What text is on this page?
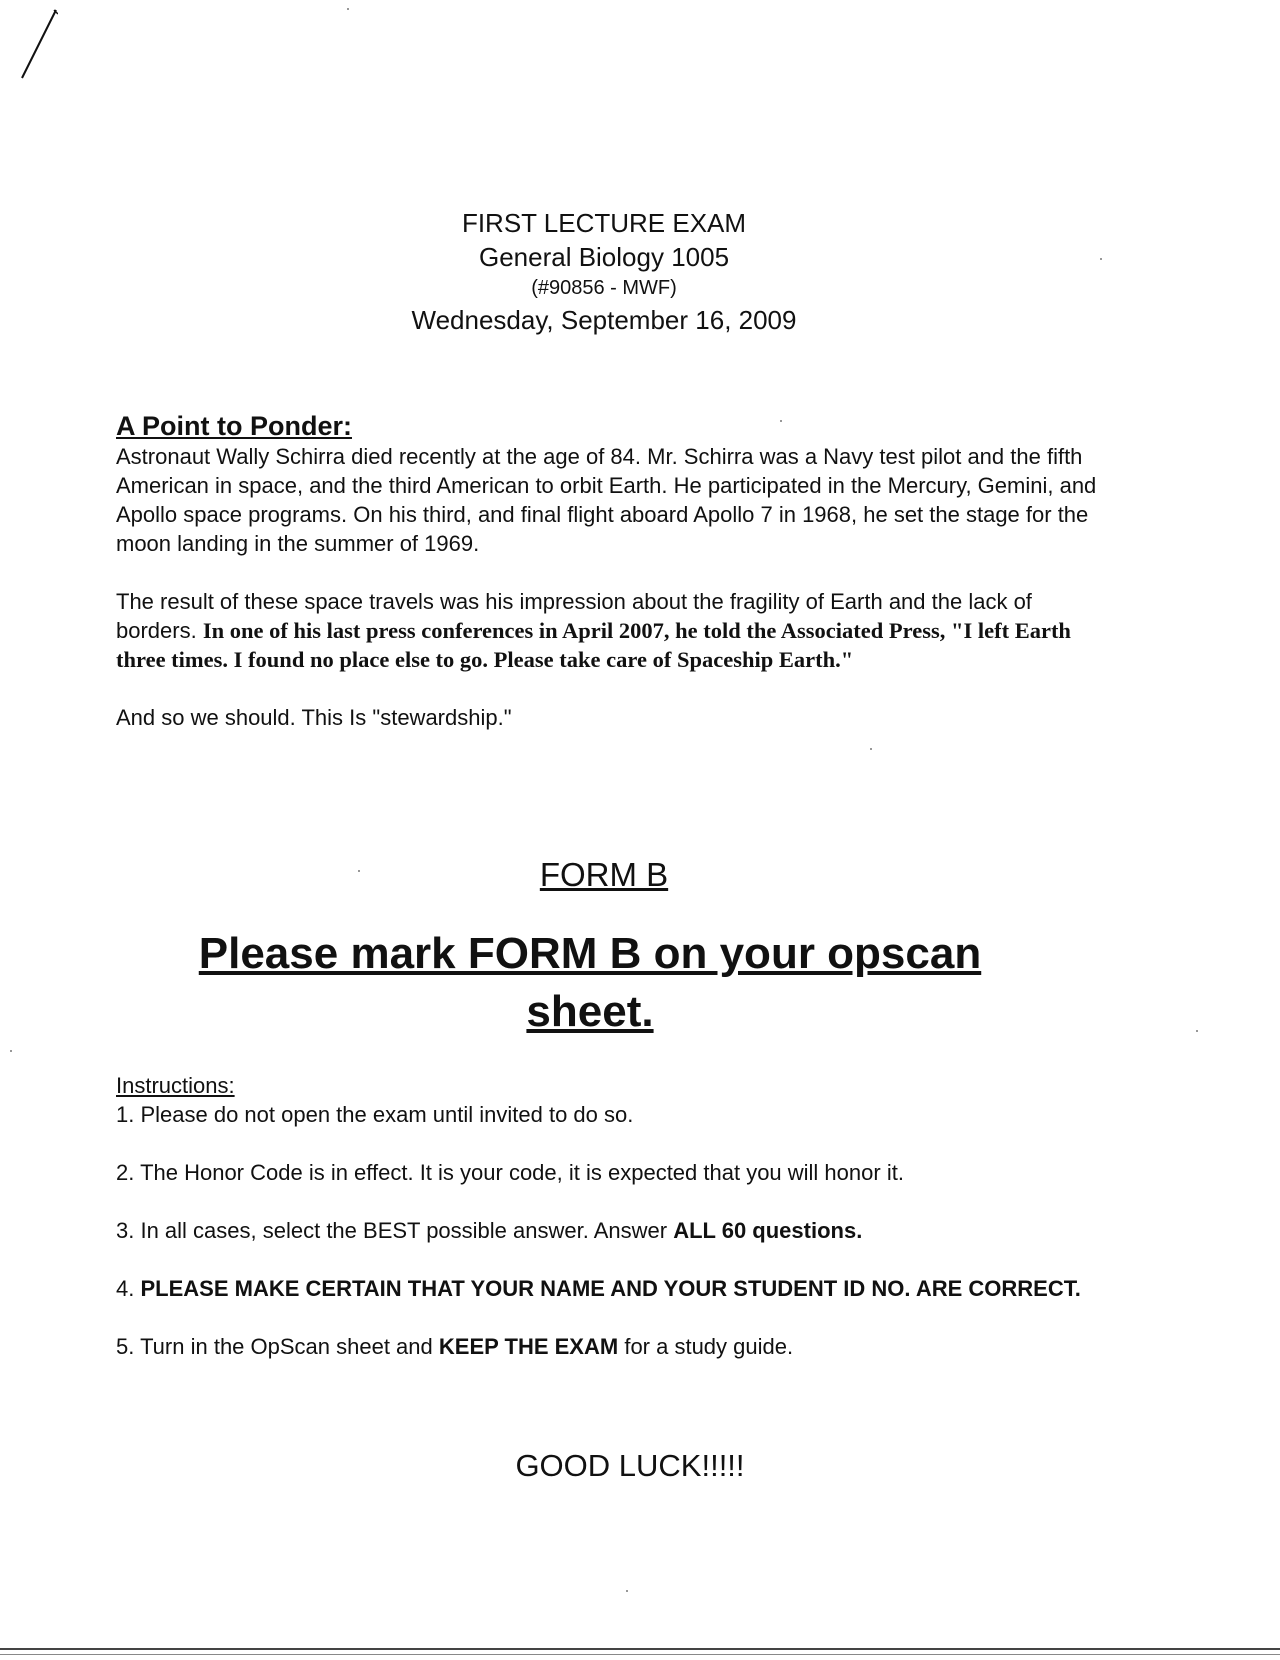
FIRST LECTURE EXAM
General Biology 1005
(#90856 - MWF)
Wednesday, September 16, 2009
A Point to Ponder:

Astronaut Wally Schirra died recently at the age of 84. Mr. Schirra was a Navy test pilot and the fifth American in space, and the third American to orbit Earth. He participated in the Mercury, Gemini, and Apollo space programs. On his third, and final flight aboard Apollo 7 in 1968, he set the stage for the moon landing in the summer of 1969.

The result of these space travels was his impression about the fragility of Earth and the lack of borders. In one of his last press conferences in April 2007, he told the Associated Press, "I left Earth three times. I found no place else to go. Please take care of Spaceship Earth."

And so we should. This Is "stewardship."

FORM B
Please mark FORM B on your opscan sheet.
Instructions:

1. Please do not open the exam until invited to do so.

2. The Honor Code is in effect. It is your code, it is expected that you will honor it.

3. In all cases, select the BEST possible answer. Answer ALL 60 questions.

4. PLEASE MAKE CERTAIN THAT YOUR NAME AND YOUR STUDENT ID NO. ARE CORRECT.

5. Turn in the OpScan sheet and KEEP THE EXAM for a study guide.

GOOD LUCK!!!!!
